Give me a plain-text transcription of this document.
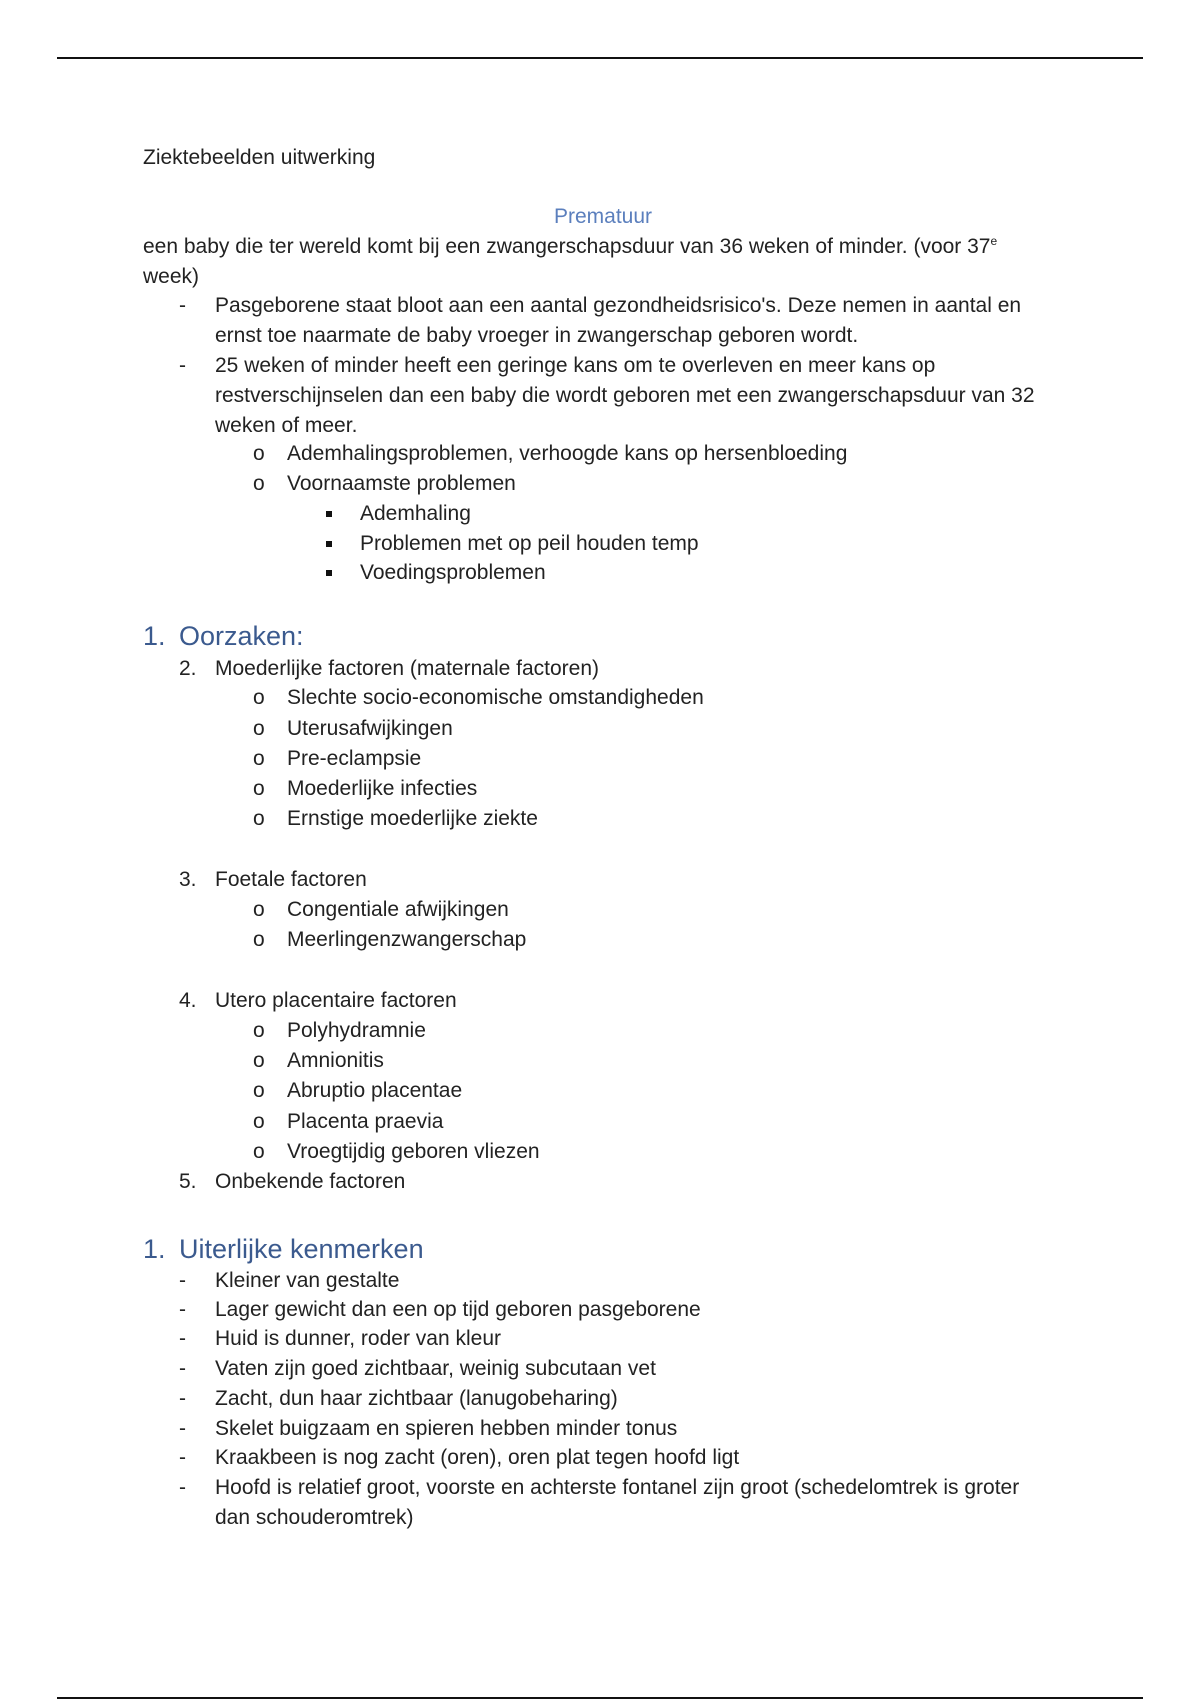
Ziektebeelden uitwerking
Prematuur
een baby die ter wereld komt bij een zwangerschapsduur van 36 weken of minder. (voor 37e
week)
- Pasgeborene staat bloot aan een aantal gezondheidsrisico's. Deze nemen in aantal en ernst toe naarmate de baby vroeger in zwangerschap geboren wordt.
- 25 weken of minder heeft een geringe kans om te overleven en meer kans op restverschijnselen dan een baby die wordt geboren met een zwangerschapsduur van 32 weken of meer.
o Ademhalingsproblemen, verhoogde kans op hersenbloeding
o Voornaamste problemen
Ademhaling
Problemen met op peil houden temp
Voedingsproblemen
1. Oorzaken:
2. Moederlijke factoren (maternale factoren)
o Slechte socio-economische omstandigheden
o Uterusafwijkingen
o Pre-eclampsie
o Moederlijke infecties
o Ernstige moederlijke ziekte
3. Foetale factoren
o Congentiale afwijkingen
o Meerlingenzwangerschap
4. Utero placentaire factoren
o Polyhydramnie
o Amnionitis
o Abruptio placentae
o Placenta praevia
o Vroegtijdig geboren vliezen
5. Onbekende factoren
1. Uiterlijke kenmerken
- Kleiner van gestalte
- Lager gewicht dan een op tijd geboren pasgeborene
- Huid is dunner, roder van kleur
- Vaten zijn goed zichtbaar, weinig subcutaan vet
- Zacht, dun haar zichtbaar (lanugobeharing)
- Skelet buigzaam en spieren hebben minder tonus
- Kraakbeen is nog zacht (oren), oren plat tegen hoofd ligt
- Hoofd is relatief groot, voorste en achterste fontanel zijn groot (schedelomtrek is groter dan schouderomtrek)
